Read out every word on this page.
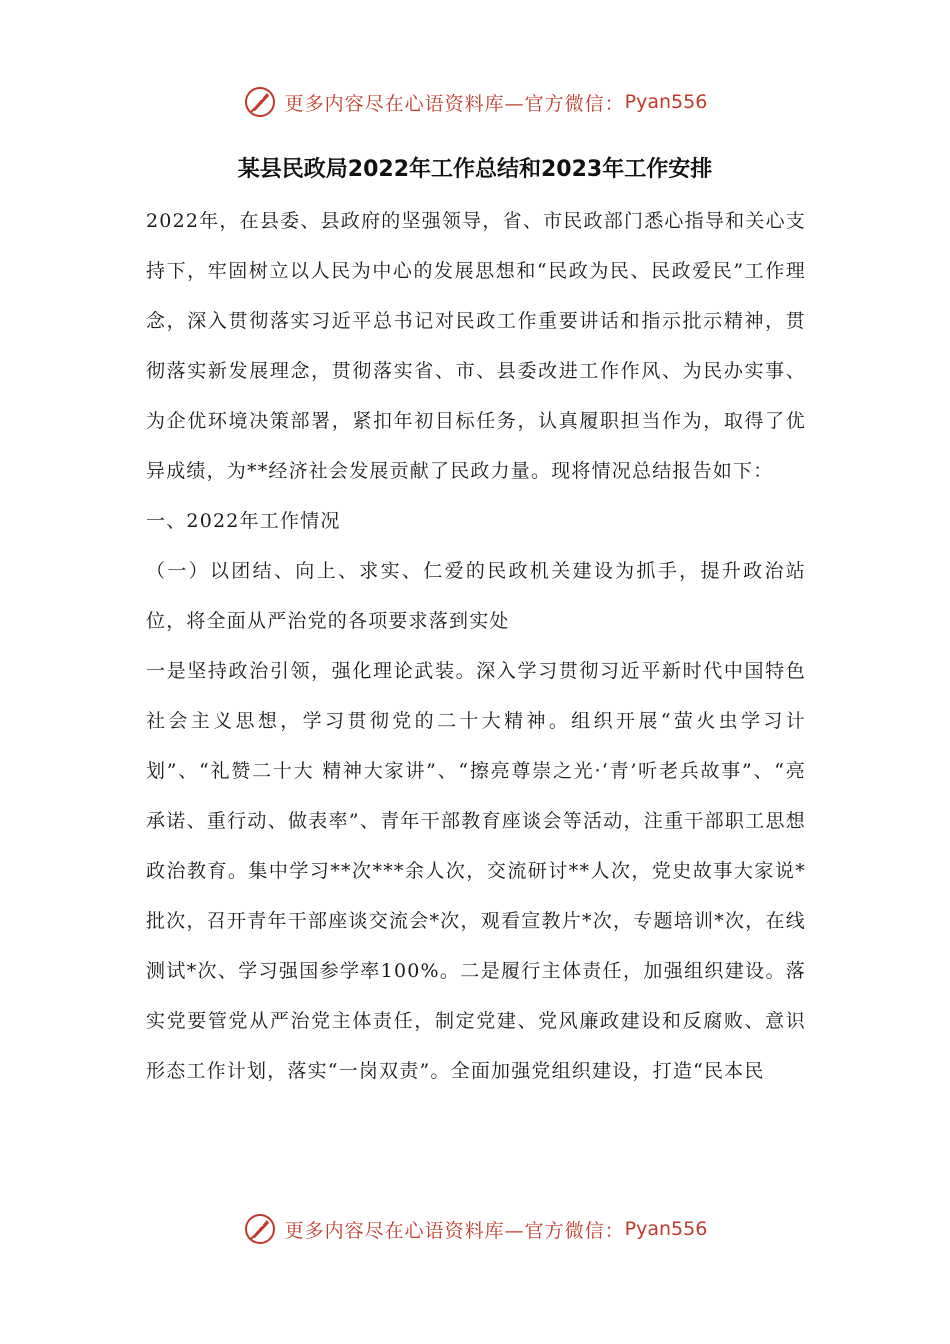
更多内容尽在心语资料库—官方微信： Pyan556
某县民政局2022年工作总结和2023年工作安排

2022年，在县委、县政府的坚强领导，省、市民政部门悉心指导和关心支持下，牢固树立以人民为中心的发展思想和“民政为民、民政爱民”工作理念，深入贯彻落实习近平总书记对民政工作重要讲话和指示批示精神，贯彻落实新发展理念，贯彻落实省、市、县委改进工作作风、为民办实事、为企优环境决策部署，紧扣年初目标任务，认真履职担当作为，取得了优异成绩，为**经济社会发展贡献了民政力量。现将情况总结报告如下：

一、2022年工作情况

（一）以团结、向上、求实、仁爱的民政机关建设为抓手，提升政治站位，将全面从严治党的各项要求落到实处

一是坚持政治引领，强化理论武装。深入学习贯彻习近平新时代中国特色社会主义思想，学习贯彻党的二十大精神。组织开展“萤火虫学习计划”、“礼赞二十大 精神大家讲”、“擦亮尊崇之光·‘青’听老兵故事”、“亮承诺、重行动、做表率”、青年干部教育座谈会等活动，注重干部职工思想政治教育。集中学习**次***余人次，交流研讨**人次，党史故事大家说*批次，召开青年干部座谈交流会*次，观看宣教片*次，专题培训*次，在线测试*次、学习强国参学率100%。二是履行主体责任，加强组织建设。落实党要管党从严治党主体责任，制定党建、党风廉政建设和反腐败、意识形态工作计划，落实“一岗双责”。全面加强党组织建设，打造“民本民

更多内容尽在心语资料库—官方微信： Pyan556
